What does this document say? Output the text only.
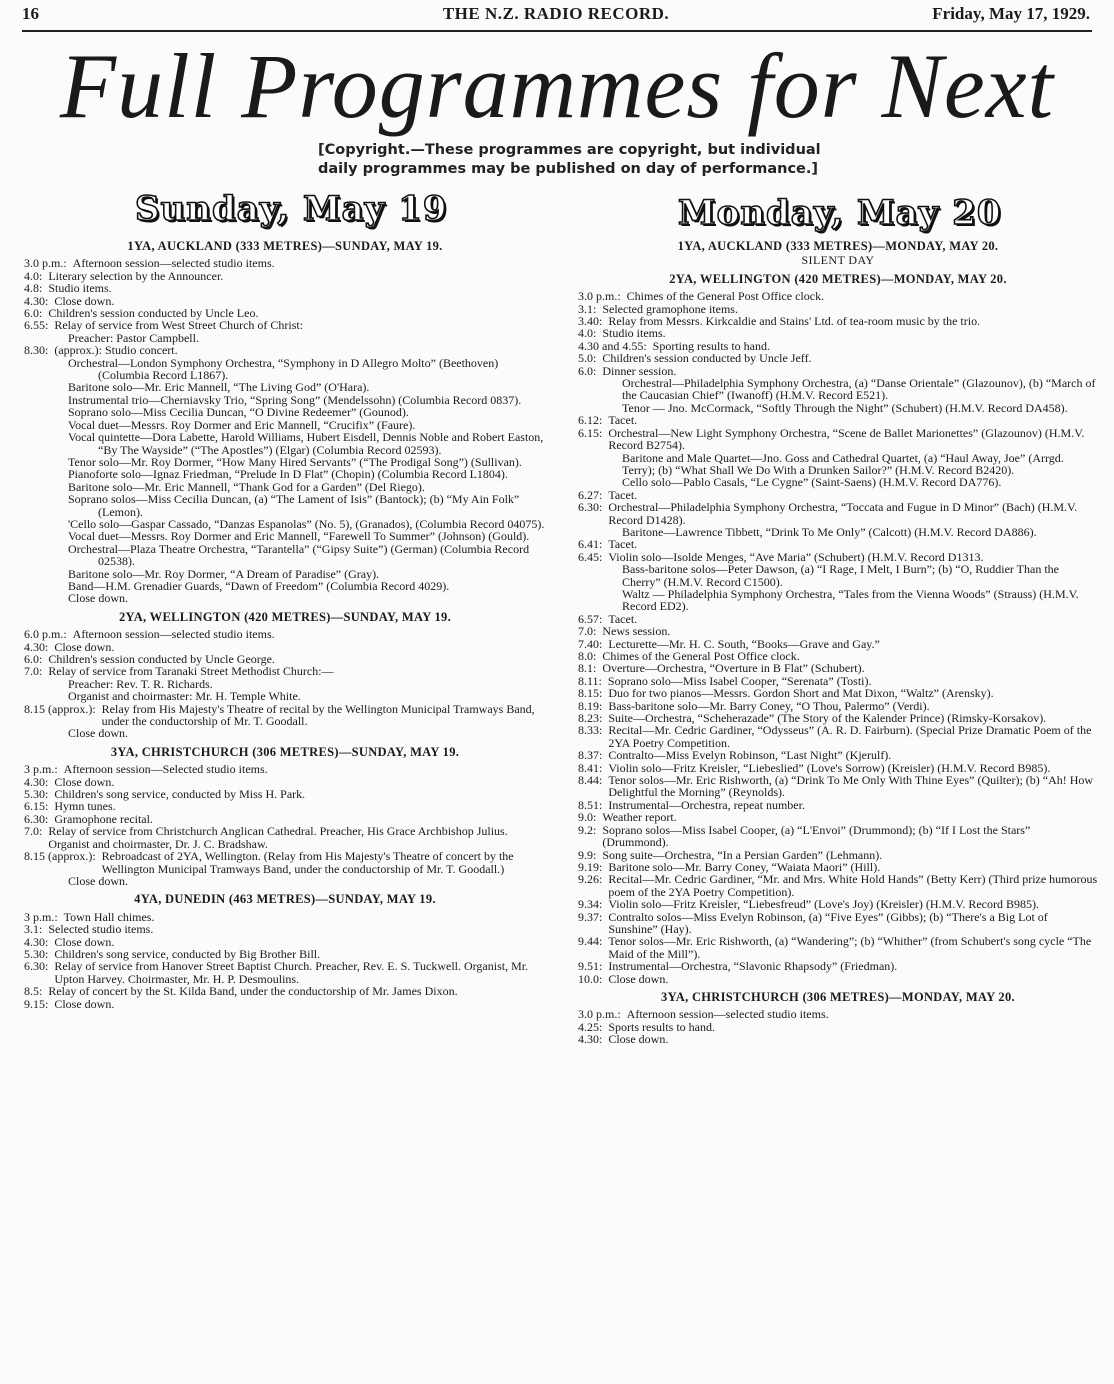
16	THE N.Z. RADIO RECORD.	Friday, May 17, 1929.
Full Programmes for Next
[Copyright.—These programmes are copyright, but individual daily programmes may be published on day of performance.]
Sunday, May 19	Monday, May 20
1YA, AUCKLAND (333 METRES)—SUNDAY, MAY 19.
3.0 p.m.: Afternoon session—selected studio items.
4.0: Literary selection by the Announcer.
4.8: Studio items.
4.30: Close down.
6.0: Children's session conducted by Uncle Leo.
6.55: Relay of service from West Street Church of Christ:
Preacher: Pastor Campbell.
8.30: (approx.): Studio concert.
Orchestral—London Symphony Orchestra, “Symphony in D Allegro Molto” (Beethoven) (Columbia Record L1867).
Baritone solo—Mr. Eric Mannell, “The Living God” (O'Hara).
Instrumental trio—Cherniavsky Trio, “Spring Song” (Mendelssohn) (Columbia Record 0837).
Soprano solo—Miss Cecilia Duncan, “O Divine Redeemer” (Gounod).
Vocal duet—Messrs. Roy Dormer and Eric Mannell, “Crucifix” (Faure).
Vocal quintette—Dora Labette, Harold Williams, Hubert Eisdell, Dennis Noble and Robert Easton, “By The Wayside” (“The Apostles”) (Elgar) (Columbia Record 02593).
Tenor solo—Mr. Roy Dormer, “How Many Hired Servants” (“The Prodigal Song”) (Sullivan).
Pianoforte solo—Ignaz Friedman, “Prelude In D Flat” (Chopin) (Columbia Record L1804).
Baritone solo—Mr. Eric Mannell, “Thank God for a Garden” (Del Riego).
Soprano solos—Miss Cecilia Duncan, (a) “The Lament of Isis” (Bantock); (b) “My Ain Folk” (Lemon).
'Cello solo—Gaspar Cassado, “Danzas Espanolas” (No. 5), (Granados), (Columbia Record 04075).
Vocal duet—Messrs. Roy Dormer and Eric Mannell, “Farewell To Summer” (Johnson) (Gould).
Orchestral—Plaza Theatre Orchestra, “Tarantella” (“Gipsy Suite”) (German) (Columbia Record 02538).
Baritone solo—Mr. Roy Dormer, “A Dream of Paradise” (Gray).
Band—H.M. Grenadier Guards, “Dawn of Freedom” (Columbia Record 4029).
Close down.
2YA, WELLINGTON (420 METRES)—SUNDAY, MAY 19.
6.0 p.m.: Afternoon session—selected studio items.
4.30: Close down.
6.0: Children's session conducted by Uncle George.
7.0: Relay of service from Taranaki Street Methodist Church:—
Preacher: Rev. T. R. Richards.
Organist and choirmaster: Mr. H. Temple White.
8.15 (approx.): Relay from His Majesty's Theatre of recital by the Wellington Municipal Tramways Band, under the conductorship of Mr. T. Goodall.
Close down.
3YA, CHRISTCHURCH (306 METRES)—SUNDAY, MAY 19.
3 p.m.: Afternoon session—Selected studio items.
4.30: Close down.
5.30: Children's song service, conducted by Miss H. Park.
6.15: Hymn tunes.
6.30: Gramophone recital.
7.0: Relay of service from Christchurch Anglican Cathedral. Preacher, His Grace Archbishop Julius. Organist and choirmaster, Dr. J. C. Bradshaw.
8.15 (approx.): Rebroadcast of 2YA, Wellington. (Relay from His Majesty's Theatre of concert by the Wellington Municipal Tramways Band, under the conductorship of Mr. T. Goodall.)
Close down.
4YA, DUNEDIN (463 METRES)—SUNDAY, MAY 19.
3 p.m.: Town Hall chimes.
3.1: Selected studio items.
4.30: Close down.
5.30: Children's song service, conducted by Big Brother Bill.
6.30: Relay of service from Hanover Street Baptist Church. Preacher, Rev. E. S. Tuckwell. Organist, Mr. Upton Harvey. Choirmaster, Mr. H. P. Desmoulins.
8.5: Relay of concert by the St. Kilda Band, under the conductorship of Mr. James Dixon.
9.15: Close down.
1YA, AUCKLAND (333 METRES)—MONDAY, MAY 20.
SILENT DAY
2YA, WELLINGTON (420 METRES)—MONDAY, MAY 20.
3.0 p.m.: Chimes of the General Post Office clock.
3.1: Selected gramophone items.
3.40: Relay from Messrs. Kirkcaldie and Stains' Ltd. of tea-room music by the trio.
4.0: Studio items.
4.30 and 4.55: Sporting results to hand.
5.0: Children's session conducted by Uncle Jeff.
6.0: Dinner session.
Orchestral—Philadelphia Symphony Orchestra, (a) “Danse Orientale” (Glazounov), (b) “March of the Caucasian Chief” (Iwanoff) (H.M.V. Record E521).
Tenor — Jno. McCormack, “Softly Through the Night” (Schubert) (H.M.V. Record DA458).
6.12: Tacet.
6.15: Orchestral—New Light Symphony Orchestra, “Scene de Ballet Marionettes” (Glazounov) (H.M.V. Record B2754).
Baritone and Male Quartet—Jno. Goss and Cathedral Quartet, (a) “Haul Away, Joe” (Arrgd. Terry); (b) “What Shall We Do With a Drunken Sailor?” (H.M.V. Record B2420).
Cello solo—Pablo Casals, “Le Cygne” (Saint-Saens) (H.M.V. Record DA776).
6.27: Tacet.
6.30: Orchestral—Philadelphia Symphony Orchestra, “Toccata and Fugue in D Minor” (Bach) (H.M.V. Record D1428).
Baritone—Lawrence Tibbett, “Drink To Me Only” (Calcott) (H.M.V. Record DA886).
6.41: Tacet.
6.45: Violin solo—Isolde Menges, “Ave Maria” (Schubert) (H.M.V. Record D1313.
Bass-baritone solos—Peter Dawson, (a) “I Rage, I Melt, I Burn”; (b) “O, Ruddier Than the Cherry” (H.M.V. Record C1500).
Waltz — Philadelphia Symphony Orchestra, “Tales from the Vienna Woods” (Strauss) (H.M.V. Record ED2).
6.57: Tacet.
7.0: News session.
7.40: Lecturette—Mr. H. C. South, “Books—Grave and Gay.”
8.0: Chimes of the General Post Office clock.
8.1: Overture—Orchestra, “Overture in B Flat” (Schubert).
8.11: Soprano solo—Miss Isabel Cooper, “Serenata” (Tosti).
8.15: Duo for two pianos—Messrs. Gordon Short and Mat Dixon, “Waltz” (Arensky).
8.19: Bass-baritone solo—Mr. Barry Coney, “O Thou, Palermo” (Verdi).
8.23: Suite—Orchestra, “Scheherazade” (The Story of the Kalender Prince) (Rimsky-Korsakov).
8.33: Recital—Mr. Cedric Gardiner, “Odysseus” (A. R. D. Fairburn). (Special Prize Dramatic Poem of the 2YA Poetry Competition.
8.37: Contralto—Miss Evelyn Robinson, “Last Night” (Kjerulf).
8.41: Violin solo—Fritz Kreisler, “Liebeslied” (Love's Sorrow) (Kreisler) (H.M.V. Record B985).
8.44: Tenor solos—Mr. Eric Rishworth, (a) “Drink To Me Only With Thine Eyes” (Quilter); (b) “Ah! How Delightful the Morning” (Reynolds).
8.51: Instrumental—Orchestra, repeat number.
9.0: Weather report.
9.2: Soprano solos—Miss Isabel Cooper, (a) “L'Envoi” (Drummond); (b) “If I Lost the Stars” (Drummond).
9.9: Song suite—Orchestra, “In a Persian Garden” (Lehmann).
9.19: Baritone solo—Mr. Barry Coney, “Waiata Maori” (Hill).
9.26: Recital—Mr. Cedric Gardiner, “Mr. and Mrs. White Hold Hands” (Betty Kerr) (Third prize humorous poem of the 2YA Poetry Competition).
9.34: Violin solo—Fritz Kreisler, “Liebesfreud” (Love's Joy) (Kreisler) (H.M.V. Record B985).
9.37: Contralto solos—Miss Evelyn Robinson, (a) “Five Eyes” (Gibbs); (b) “There's a Big Lot of Sunshine” (Hay).
9.44: Tenor solos—Mr. Eric Rishworth, (a) “Wandering”; (b) “Whither” (from Schubert's song cycle “The Maid of the Mill”).
9.51: Instrumental—Orchestra, “Slavonic Rhapsody” (Friedman).
10.0: Close down.
3YA, CHRISTCHURCH (306 METRES)—MONDAY, MAY 20.
3.0 p.m.: Afternoon session—selected studio items.
4.25: Sports results to hand.
4.30: Close down.
